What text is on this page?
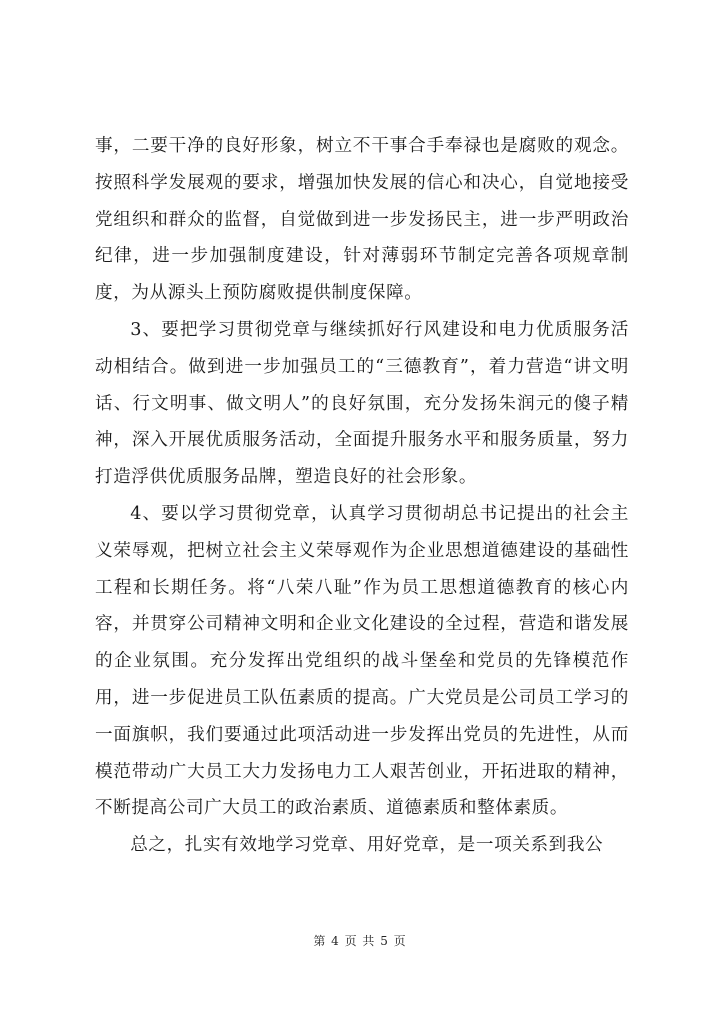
事，二要干净的良好形象，树立不干事合手奉禄也是腐败的观念。按照科学发展观的要求，增强加快发展的信心和决心，自觉地接受党组织和群众的监督，自觉做到进一步发扬民主，进一步严明政治纪律，进一步加强制度建设，针对薄弱环节制定完善各项规章制度，为从源头上预防腐败提供制度保障。

3、要把学习贯彻党章与继续抓好行风建设和电力优质服务活动相结合。做到进一步加强员工的“三德教育”，着力营造“讲文明话、行文明事、做文明人”的良好氛围，充分发扬朱润元的傻子精神，深入开展优质服务活动，全面提升服务水平和服务质量，努力打造浮供优质服务品牌，塑造良好的社会形象。

4、要以学习贯彻党章，认真学习贯彻胡总书记提出的社会主义荣辱观，把树立社会主义荣辱观作为企业思想道德建设的基础性工程和长期任务。将“八荣八耻”作为员工思想道德教育的核心内容，并贯穿公司精神文明和企业文化建设的全过程，营造和谐发展的企业氛围。充分发挥出党组织的战斗堡垒和党员的先锋模范作用，进一步促进员工队伍素质的提高。广大党员是公司员工学习的一面旗帜，我们要通过此项活动进一步发挥出党员的先进性，从而模范带动广大员工大力发扬电力工人艰苦创业，开拓进取的精神，不断提高公司广大员工的政治素质、道德素质和整体素质。

总之，扎实有效地学习党章、用好党章，是一项关系到我公

第 4 页 共 5 页
